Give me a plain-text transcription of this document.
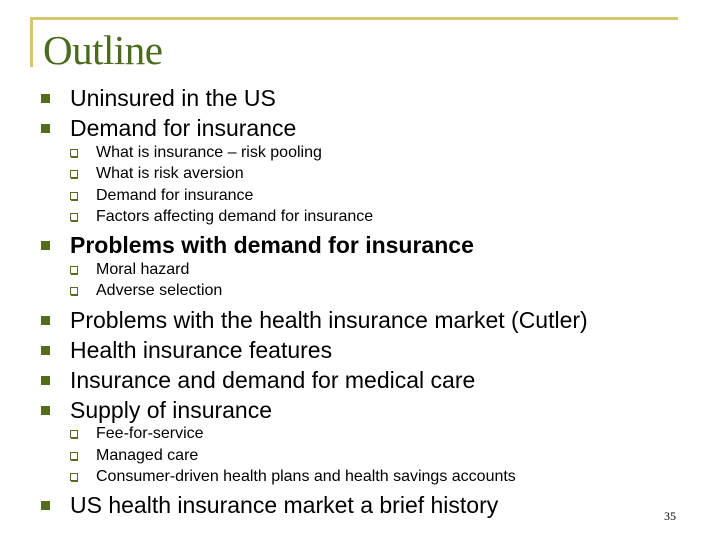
Outline
Uninsured in the US
Demand for insurance
What is insurance – risk pooling
What is risk aversion
Demand for insurance
Factors affecting demand for insurance
Problems with demand for insurance
Moral hazard
Adverse selection
Problems with the health insurance market (Cutler)
Health insurance features
Insurance and demand for medical care
Supply of insurance
Fee-for-service
Managed care
Consumer-driven health plans and health savings accounts
US health insurance market a brief history	35
